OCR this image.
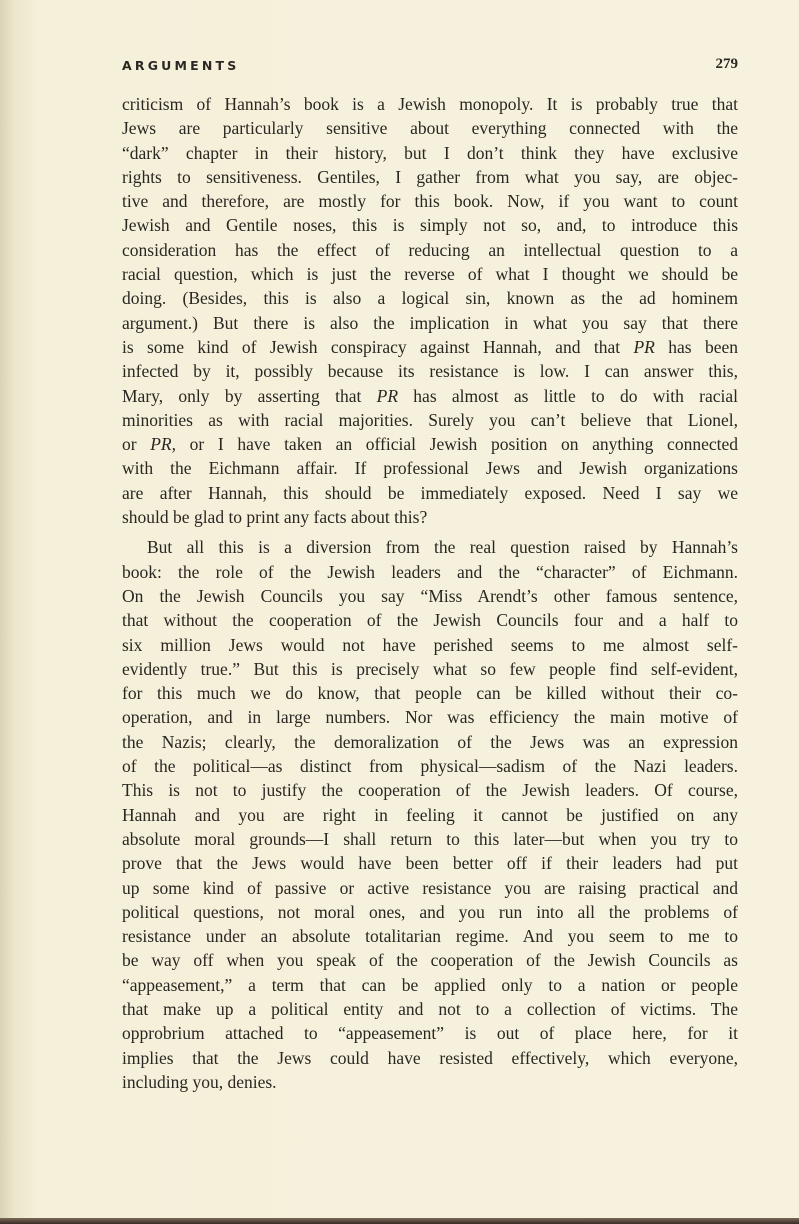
ARGUMENTS	279
criticism of Hannah’s book is a Jewish monopoly. It is probably true that
Jews are particularly sensitive about everything connected with the
“dark” chapter in their history, but I don’t think they have exclusive
rights to sensitiveness. Gentiles, I gather from what you say, are objec-
tive and therefore, are mostly for this book. Now, if you want to count
Jewish and Gentile noses, this is simply not so, and, to introduce this
consideration has the effect of reducing an intellectual question to a
racial question, which is just the reverse of what I thought we should be
doing. (Besides, this is also a logical sin, known as the ad hominem
argument.) But there is also the implication in what you say that there
is some kind of Jewish conspiracy against Hannah, and that PR has been
infected by it, possibly because its resistance is low. I can answer this,
Mary, only by asserting that PR has almost as little to do with racial
minorities as with racial majorities. Surely you can’t believe that Lionel,
or PR, or I have taken an official Jewish position on anything connected
with the Eichmann affair. If professional Jews and Jewish organizations
are after Hannah, this should be immediately exposed. Need I say we
should be glad to print any facts about this?
But all this is a diversion from the real question raised by Hannah’s
book: the role of the Jewish leaders and the “character” of Eichmann.
On the Jewish Councils you say “Miss Arendt’s other famous sentence,
that without the cooperation of the Jewish Councils four and a half to
six million Jews would not have perished seems to me almost self-
evidently true.” But this is precisely what so few people find self-evident,
for this much we do know, that people can be killed without their co-
operation, and in large numbers. Nor was efficiency the main motive of
the Nazis; clearly, the demoralization of the Jews was an expression
of the political—as distinct from physical—sadism of the Nazi leaders.
This is not to justify the cooperation of the Jewish leaders. Of course,
Hannah and you are right in feeling it cannot be justified on any
absolute moral grounds—I shall return to this later—but when you try to
prove that the Jews would have been better off if their leaders had put
up some kind of passive or active resistance you are raising practical and
political questions, not moral ones, and you run into all the problems of
resistance under an absolute totalitarian regime. And you seem to me to
be way off when you speak of the cooperation of the Jewish Councils as
“appeasement,” a term that can be applied only to a nation or people
that make up a political entity and not to a collection of victims. The
opprobrium attached to “appeasement” is out of place here, for it
implies that the Jews could have resisted effectively, which everyone,
including you, denies.
